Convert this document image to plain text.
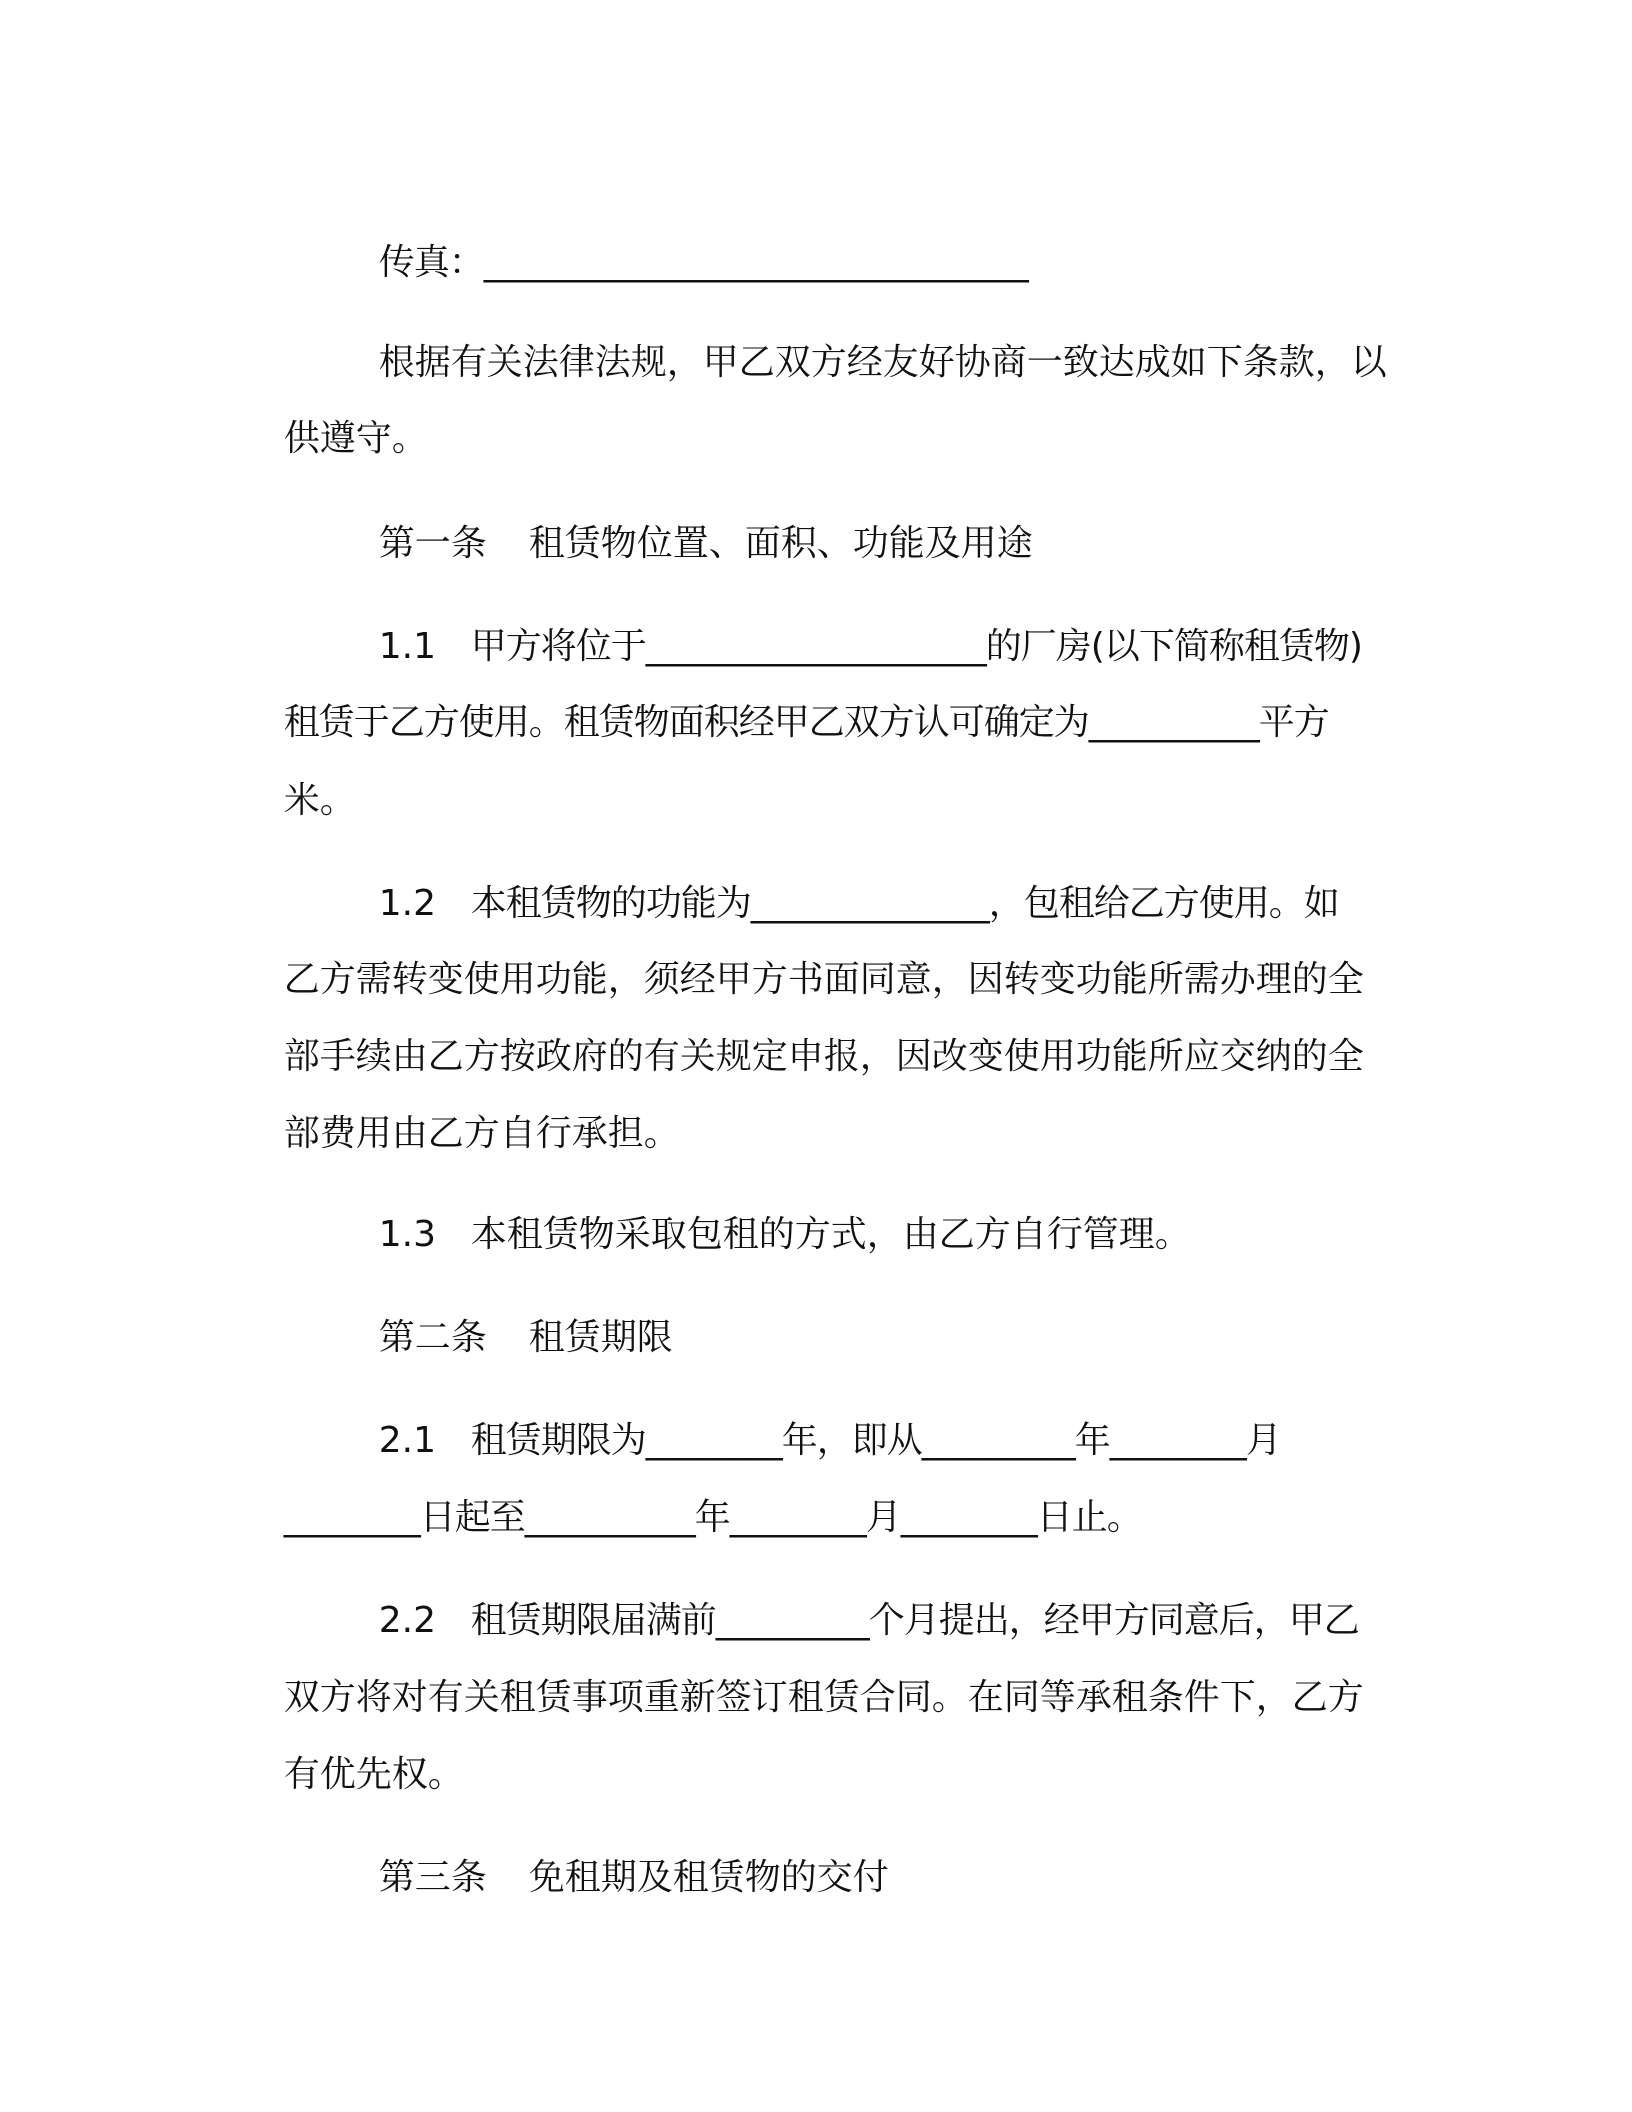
传真：________________________________

根据有关法律法规，甲乙双方经友好协商一致达成如下条款，以

供遵守。

第一条 租赁物位置、面积、功能及用途

1.1 甲方将位于____________________的厂房(以下简称租赁物)

租赁于乙方使用。租赁物面积经甲乙双方认可确定为__________平方

米。

1.2 本租赁物的功能为______________，包租给乙方使用。如

乙方需转变使用功能，须经甲方书面同意，因转变功能所需办理的全

部手续由乙方按政府的有关规定申报，因改变使用功能所应交纳的全

部费用由乙方自行承担。

1.3 本租赁物采取包租的方式，由乙方自行管理。

第二条 租赁期限

2.1 租赁期限为________年，即从_________年________月

________日起至__________年________月________日止。

2.2 租赁期限届满前_________个月提出，经甲方同意后，甲乙

双方将对有关租赁事项重新签订租赁合同。在同等承租条件下，乙方

有优先权。

第三条 免租期及租赁物的交付
